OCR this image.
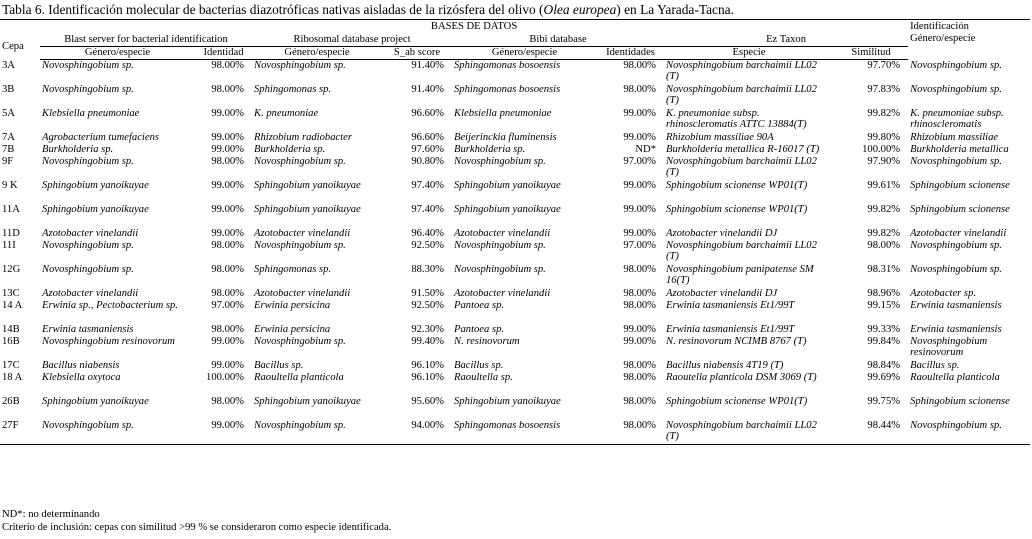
Tabla 6. Identificación molecular de bacterias diazotróficas nativas aisladas de la rizósfera del olivo (Olea europea) en La Yarada-Tacna.
Cepa	BASES DE DATOS								Identificación Género/especie
	Blast server for bacterial identification		Ribosomal database project		Bibi database		Ez Taxon		
	Género/especie	Identidad	Género/especie	S_ab score	Género/especie	Identidades	Especie	Similitud	
3A	Novosphingobium sp.	98.00%	Novosphingobium sp.	91.40%	Sphingomonas bosoensis	98.00%	Novosphingobium barchaimii LL02 (T)	97.70%	Novosphingobium sp.
3B	Novosphingobium sp.	98.00%	Sphingomonas sp.	91.40%	Sphingomonas bosoensis	98.00%	Novosphingobium barchaimii LL02 (T)	97.83%	Novosphingobium sp.
5A	Klebsiella pneumoniae	99.00%	K. pneumoniae	96.60%	Klebsiella pneumoniae	99.00%	K. pneumoniae subsp. rhinoscleromatis ATTC 13884(T)	99.82%	K. pneumoniae subsp. rhinoscleromatis
7A	Agrobacterium tumefaciens	99.00%	Rhizobium radiobacter	96.60%	Beijerinckia fluminensis	99.00%	Rhizobium massiliae 90A	99.80%	Rhizobium massiliae
7B	Burkholderia sp.	99.00%	Burkholderia sp.	97.60%	Burkholderia sp.	ND*	Burkholderia metallica R-16017 (T)	100.00%	Burkholderia metallica
9F	Novosphingobium sp.	98.00%	Novosphingobium sp.	90.80%	Novosphingobium sp.	97.00%	Novosphingobium barchaimii LL02 (T)	97.90%	Novosphingobium sp.
9 K	Sphingobium yanoikuyae	99.00%	Sphingobium yanoikuyae	97.40%	Sphingobium yanoikuyae	99.00%	Sphingobium scionense WP01(T)	99.61%	Sphingobium scionense
11A	Sphingobium yanoikuyae	99.00%	Sphingobium yanoikuyae	97.40%	Sphingobium yanoikuyae	99.00%	Sphingobium scionense WP01(T)	99.82%	Sphingobium scionense
11D	Azotobacter vinelandii	99.00%	Azotobacter vinelandii	96.40%	Azotobacter vinelandii	99.00%	Azotobacter vinelandii DJ	99.82%	Azotobacter vinelandii
11I	Novosphingobium sp.	98.00%	Novosphingobium sp.	92.50%	Novosphingobium sp.	97.00%	Novosphingobium barchaimii LL02 (T)	98.00%	Novosphingobium sp.
12G	Novosphingobium sp.	98.00%	Sphingomonas sp.	88.30%	Novosphingobium sp.	98.00%	Novosphingobium panipatense SM 16(T)	98.31%	Novosphingobium sp.
13C	Azotobacter vinelandii	98.00%	Azotobacter vinelandii	91.50%	Azotobacter vinelandii	98.00%	Azotobacter vinelandii DJ	98.96%	Azotobacter sp.
14 A	Erwinia sp., Pectobacterium sp.	97.00%	Erwinia persicina	92.50%	Pantoea sp.	98.00%	Erwinia tasmaniensis Et1/99T	99.15%	Erwinia tasmaniensis
14B	Erwinia tasmaniensis	98.00%	Erwinia persicina	92.30%	Pantoea sp.	99.00%	Erwinia tasmaniensis Et1/99T	99.33%	Erwinia tasmaniensis
16B	Novosphingobium resinovorum	99.00%	Novosphingobium sp.	99.40%	N. resinovorum	99.00%	N. resinovorum NCIMB 8767 (T)	99.84%	Novosphingobium resinovorum
17C	Bacillus niabensis	99.00%	Bacillus sp.	96.10%	Bacillus sp.	98.00%	Bacillus niabensis 4T19 (T)	98.84%	Bacillus sp.
18 A	Klebsiella oxytoca	100.00%	Raoultella planticola	96.10%	Raoultella sp.	98.00%	Raoutella planticola DSM 3069 (T)	99.69%	Raoultella planticola
26B	Sphingobium yanoikuyae	98.00%	Sphingobium yanoikuyae	95.60%	Sphingobium yanoikuyae	98.00%	Sphingobium scionense WP01(T)	99.75%	Sphingobium scionense
27F	Novosphingobium sp.	99.00%	Novosphingobium sp.	94.00%	Sphingomonas bosoensis	98.00%	Novosphingobium barchaimii LL02 (T)	98.44%	Novosphingobium sp.
ND*: no determinando
Criterio de inclusión: cepas con similitud >99 % se consideraron como especie identificada.
